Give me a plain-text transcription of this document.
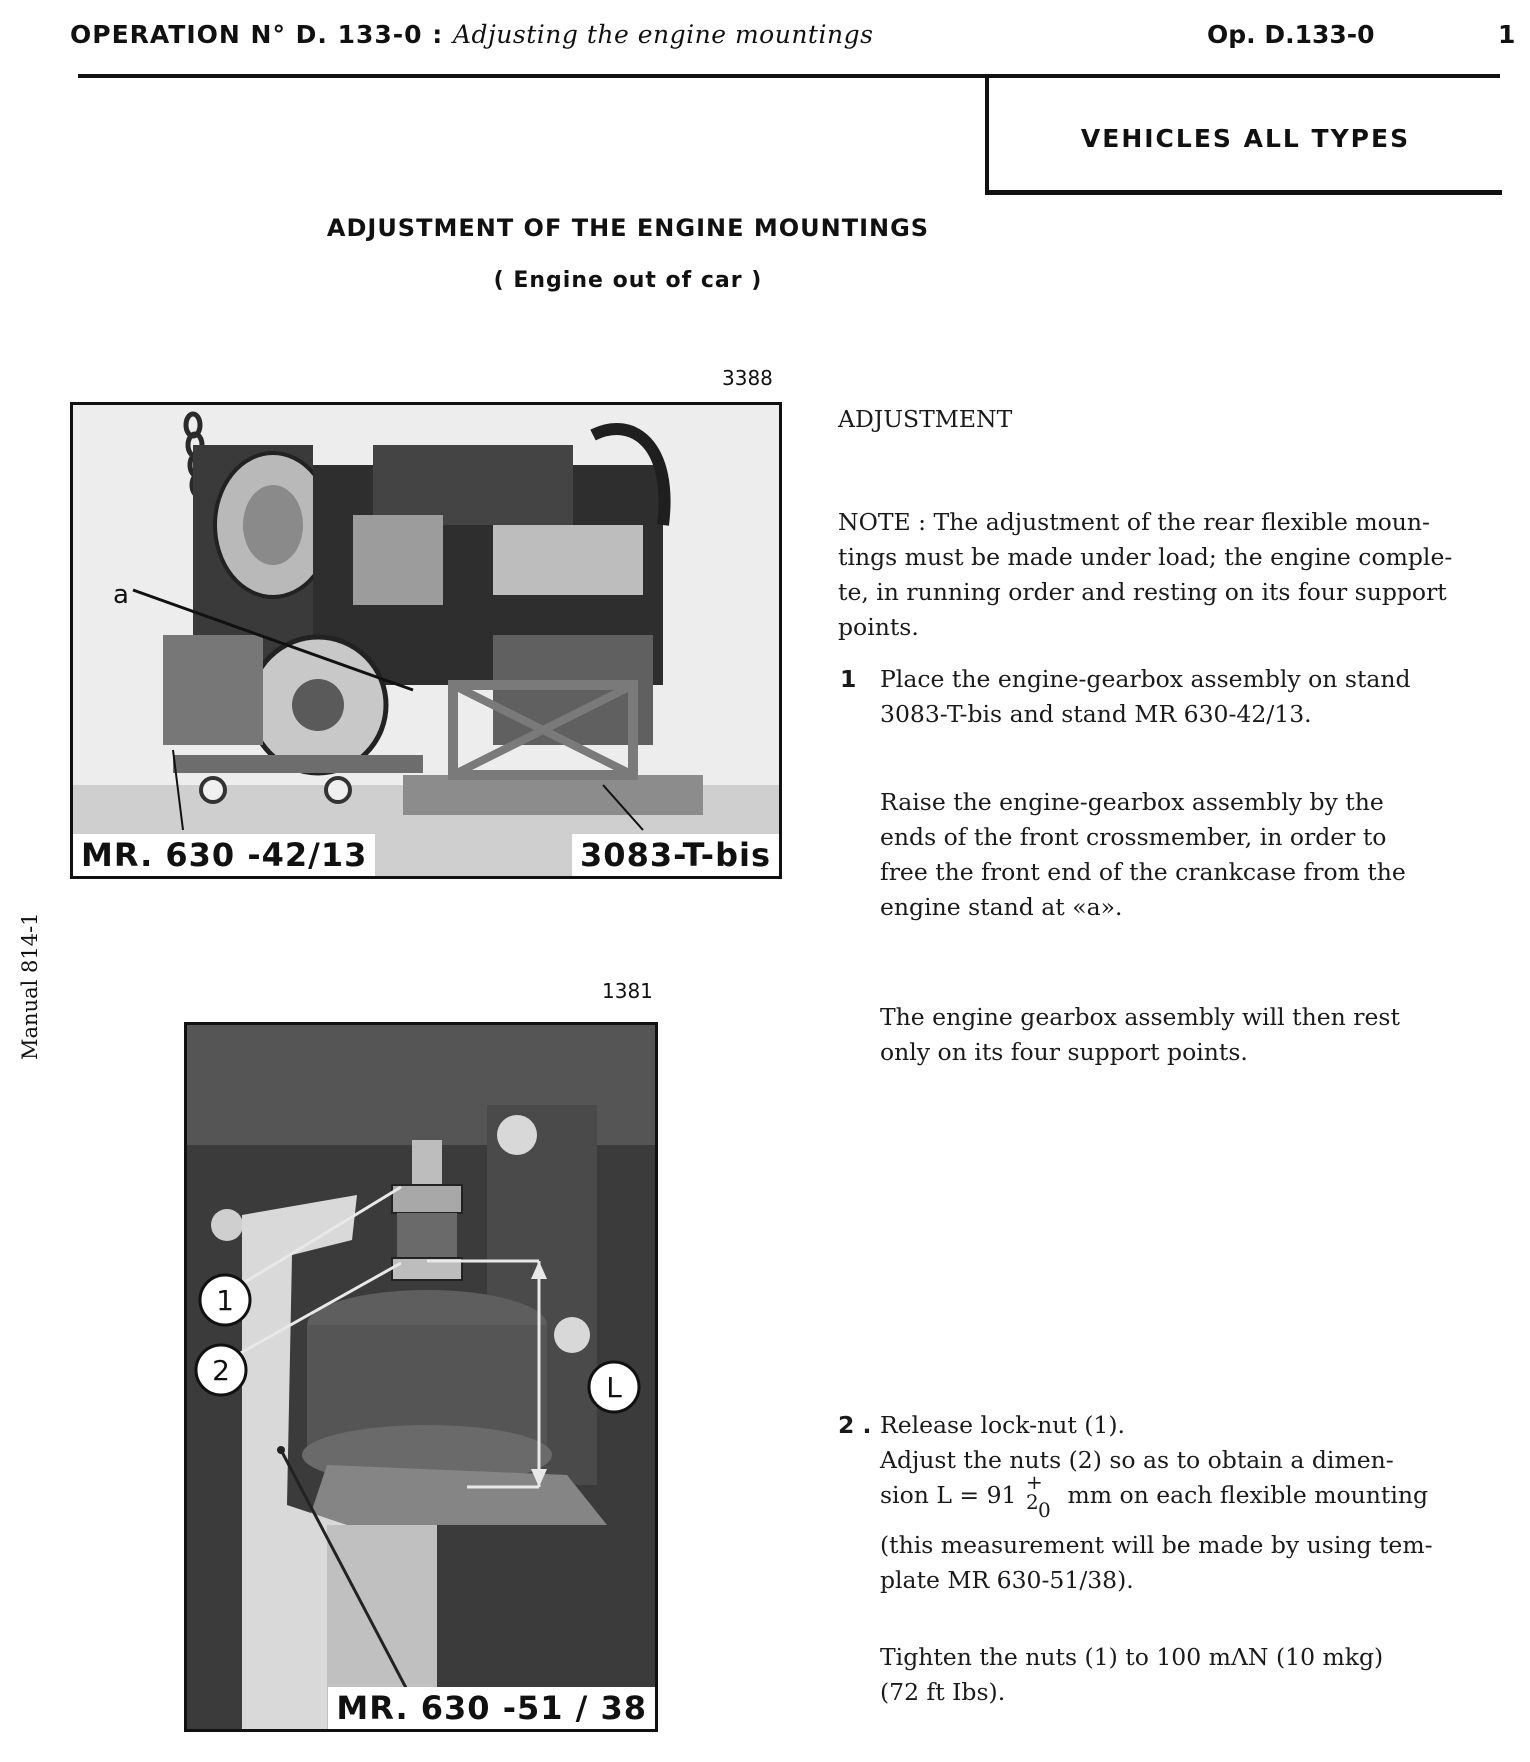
OPERATION N° D. 133-0 : Adjusting the engine mountings	Op. D.133-0	1
VEHICLES ALL TYPES
ADJUSTMENT OF THE ENGINE MOUNTINGS
( Engine out of car )
3388
a
MR. 630 -42/13	3083-T-bis
1381
1
2
L
MR. 630 -51 / 38
Manual 814-1
ADJUSTMENT
NOTE : The adjustment of the rear flexible moun-
tings must be made under load; the engine comple-
te, in running order and resting on its four support
points.
1 Place the engine-gearbox assembly on stand
3083-T-bis and stand MR 630-42/13.
Raise the engine-gearbox assembly by the
ends of the front crossmember, in order to
free the front end of the crankcase from the
engine stand at «a».
The engine gearbox assembly will then rest
only on its four support points.
2 . Release lock-nut (1).
Adjust the nuts (2) so as to obtain a dimen-
sion L = 91 + 2 0
mm on each flexible mounting
(this measurement will be made by using tem-
plate MR 630-51/38).
Tighten the nuts (1) to 100 mΛN (10 mkg)
(72 ft Ibs).
